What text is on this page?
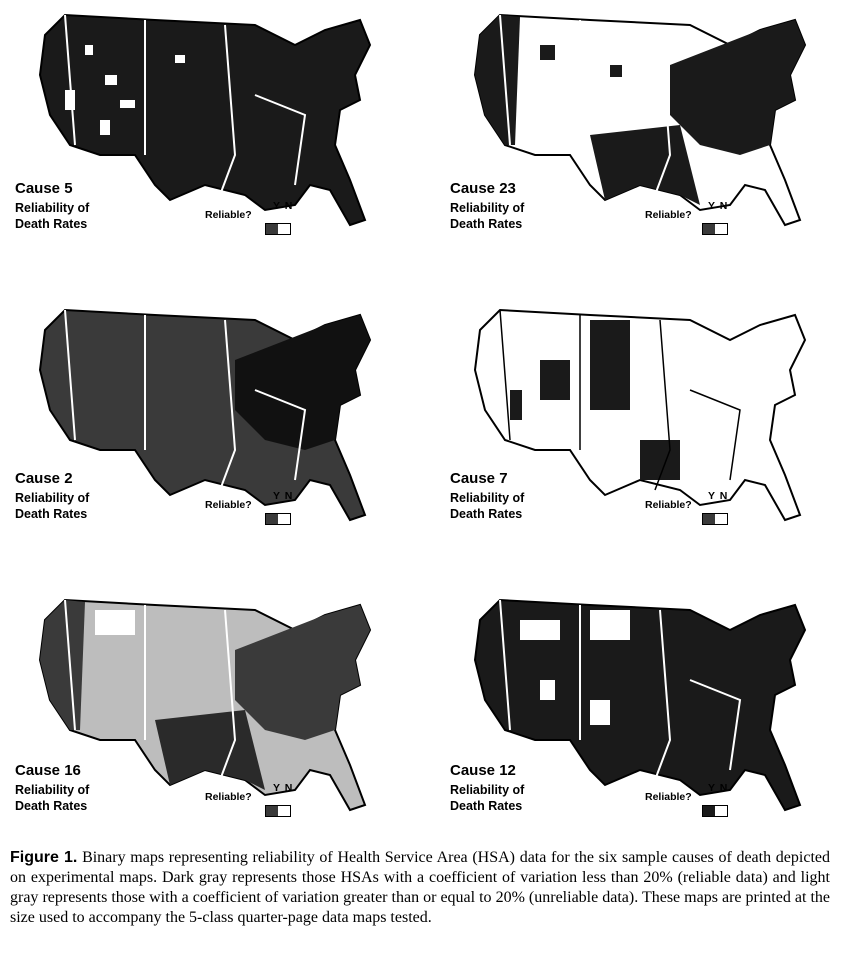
Cause 5
Reliability of
Death Rates
Y N
Reliable?
Cause 23
Reliability of
Death Rates
Y N
Reliable?
Cause 2
Reliability of
Death Rates
Y N
Reliable?
Cause 7
Reliability of
Death Rates
Y N
Reliable?
Cause 16
Reliability of
Death Rates
Y N
Reliable?
Cause 12
Reliability of
Death Rates
Y N
Reliable?
Figure 1. Binary maps representing reliability of Health Service Area (HSA) data for the six sample causes of death depicted on experimental maps. Dark gray represents those HSAs with a coefficient of variation less than 20% (reliable data) and light gray represents those with a coefficient of variation greater than or equal to 20% (unreliable data). These maps are printed at the size used to accompany the 5-class quarter-page data maps tested.
